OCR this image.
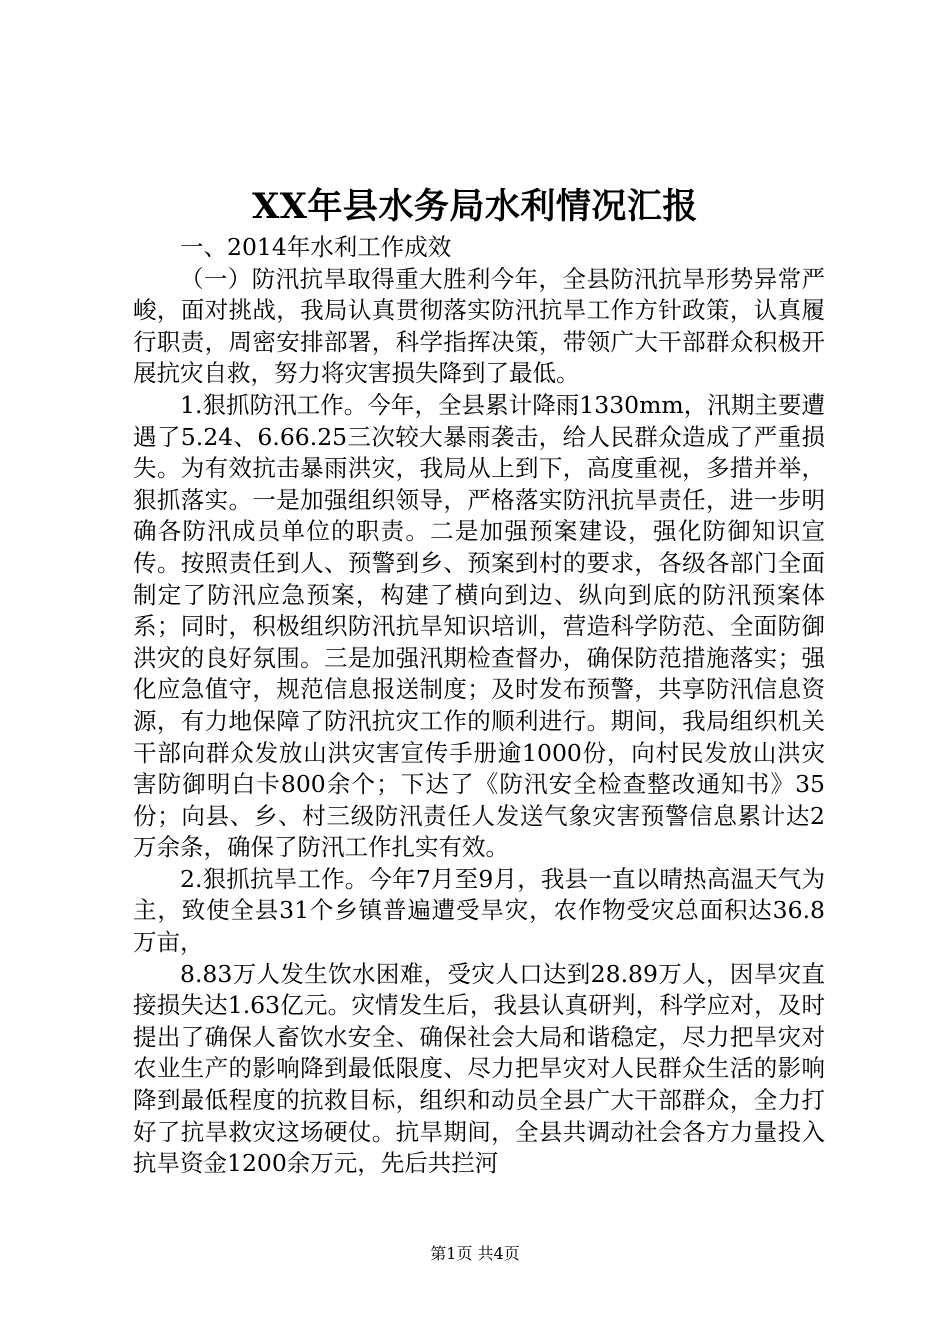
XX年县水务局水利情况汇报

一、2014年水利工作成效

（一）防汛抗旱取得重大胜利今年，全县防汛抗旱形势异常严峻，面对挑战，我局认真贯彻落实防汛抗旱工作方针政策，认真履行职责，周密安排部署，科学指挥决策，带领广大干部群众积极开展抗灾自救，努力将灾害损失降到了最低。

1.狠抓防汛工作。今年，全县累计降雨1330mm，汛期主要遭遇了5.24、6.66.25三次较大暴雨袭击，给人民群众造成了严重损失。为有效抗击暴雨洪灾，我局从上到下，高度重视，多措并举，狠抓落实。一是加强组织领导，严格落实防汛抗旱责任，进一步明确各防汛成员单位的职责。二是加强预案建设，强化防御知识宣传。按照责任到人、预警到乡、预案到村的要求，各级各部门全面制定了防汛应急预案，构建了横向到边、纵向到底的防汛预案体系；同时，积极组织防汛抗旱知识培训，营造科学防范、全面防御洪灾的良好氛围。三是加强汛期检查督办，确保防范措施落实；强化应急值守，规范信息报送制度；及时发布预警，共享防汛信息资源，有力地保障了防汛抗灾工作的顺利进行。期间，我局组织机关干部向群众发放山洪灾害宣传手册逾1000份，向村民发放山洪灾害防御明白卡800余个；下达了《防汛安全检查整改通知书》35份；向县、乡、村三级防汛责任人发送气象灾害预警信息累计达2万余条，确保了防汛工作扎实有效。

2.狠抓抗旱工作。今年7月至9月，我县一直以晴热高温天气为主，致使全县31个乡镇普遍遭受旱灾，农作物受灾总面积达36.8万亩，

8.83万人发生饮水困难，受灾人口达到28.89万人，因旱灾直接损失达1.63亿元。灾情发生后，我县认真研判，科学应对，及时提出了确保人畜饮水安全、确保社会大局和谐稳定，尽力把旱灾对农业生产的影响降到最低限度、尽力把旱灾对人民群众生活的影响降到最低程度的抗救目标，组织和动员全县广大干部群众，全力打好了抗旱救灾这场硬仗。抗旱期间，全县共调动社会各方力量投入抗旱资金1200余万元，先后共拦河

第1页 共4页
